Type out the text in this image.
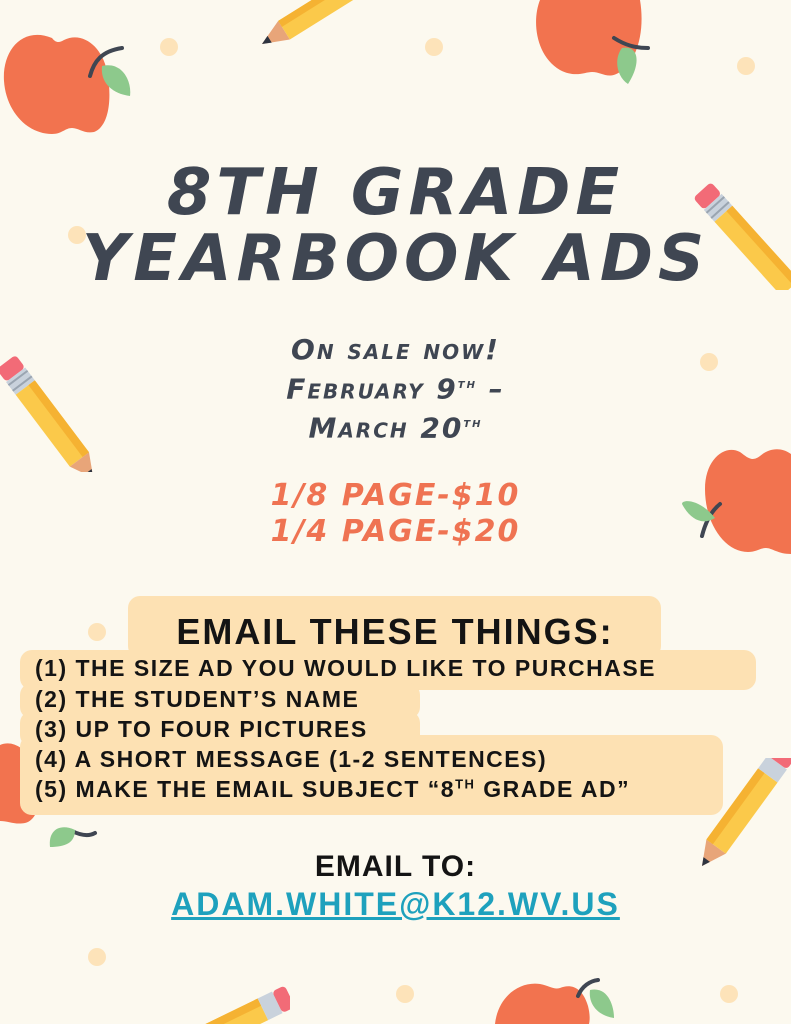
8TH GRADE
YEARBOOK ADS
On sale now!
February 9th –
March 20th
1/8 PAGE-$10
1/4 PAGE-$20
EMAIL THESE THINGS:
(1) THE SIZE AD YOU WOULD LIKE TO PURCHASE
(2) THE STUDENT’S NAME
(3) UP TO FOUR PICTURES
(4) A SHORT MESSAGE (1-2 SENTENCES)
(5) MAKE THE EMAIL SUBJECT “8TH GRADE AD”
EMAIL TO:
ADAM.WHITE@K12.WV.US
